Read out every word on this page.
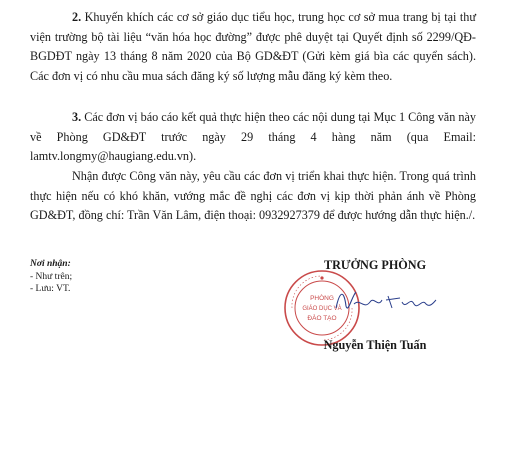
2. Khuyến khích các cơ sở giáo dục tiểu học, trung học cơ sở mua trang bị tại thư viện trường bộ tài liệu “văn hóa học đường” được phê duyệt tại Quyết định số 2299/QĐ-BGDĐT ngày 13 tháng 8 năm 2020 của Bộ GD&ĐT (Gửi kèm giá bìa các quyển sách). Các đơn vị có nhu cầu mua sách đăng ký số lượng mẫu đăng ký kèm theo.

3. Các đơn vị báo cáo kết quả thực hiện theo các nội dung tại Mục 1 Công văn này về Phòng GD&ĐT trước ngày 29 tháng 4 hàng năm (qua Email: lamtv.longmy@haugiang.edu.vn).

Nhận được Công văn này, yêu cầu các đơn vị triển khai thực hiện. Trong quá trình thực hiện nếu có khó khăn, vướng mắc đề nghị các đơn vị kịp thời phản ánh về Phòng GD&ĐT, đồng chí: Trần Văn Lâm, điện thoại: 0932927379 để được hướng dẫn thực hiện./.

Nơi nhận:
- Như trên;
- Lưu: VT.
TRƯỞNG PHÒNG
PHÒNG
GIÁO DỤC VÀ
ĐÀO TẠO
Nguyễn Thiện Tuấn
